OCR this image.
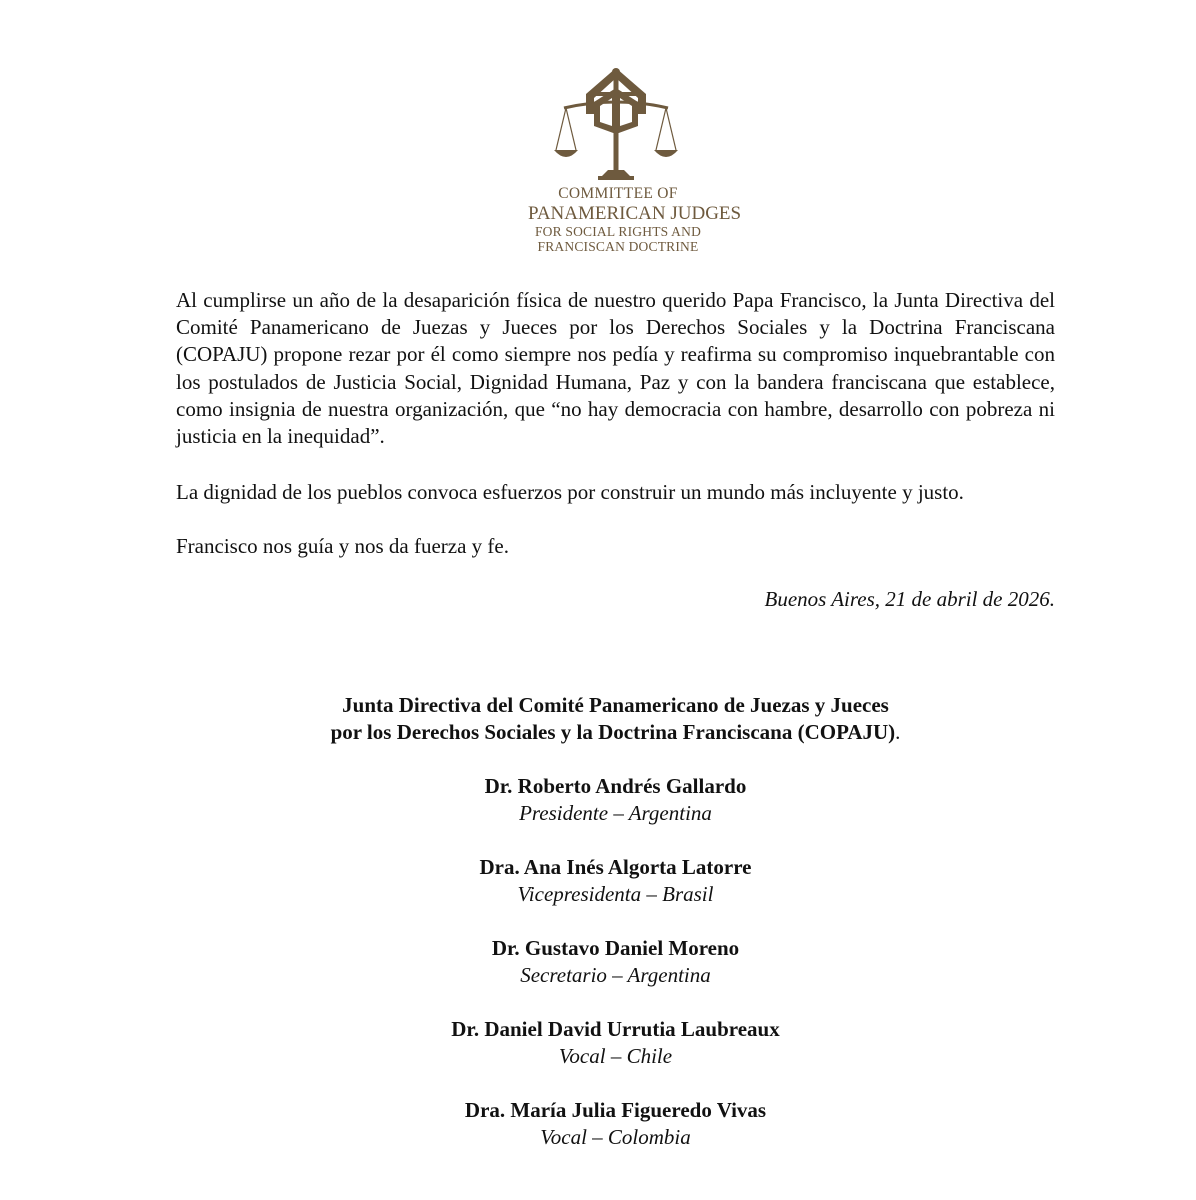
COMMITTEE OF
PANAMERICAN JUDGES
FOR SOCIAL RIGHTS AND
FRANCISCAN DOCTRINE

Al cumplirse un año de la desaparición física de nuestro querido Papa Francisco, la Junta Directiva del Comité Panamericano de Juezas y Jueces por los Derechos Sociales y la Doctrina Franciscana (COPAJU) propone rezar por él como siempre nos pedía y reafirma su compromiso inquebrantable con los postulados de Justicia Social, Dignidad Humana, Paz y con la bandera franciscana que establece, como insignia de nuestra organización, que “no hay democracia con hambre, desarrollo con pobreza ni justicia en la inequidad”.

La dignidad de los pueblos convoca esfuerzos por construir un mundo más incluyente y justo.

Francisco nos guía y nos da fuerza y fe.

Buenos Aires, 21 de abril de 2026.
Junta Directiva del Comité Panamericano de Juezas y Jueces
por los Derechos Sociales y la Doctrina Franciscana (COPAJU).
Dr. Roberto Andrés Gallardo
Presidente – Argentina
Dra. Ana Inés Algorta Latorre
Vicepresidenta – Brasil
Dr. Gustavo Daniel Moreno
Secretario – Argentina
Dr. Daniel David Urrutia Laubreaux
Vocal – Chile
Dra. María Julia Figueredo Vivas
Vocal – Colombia
